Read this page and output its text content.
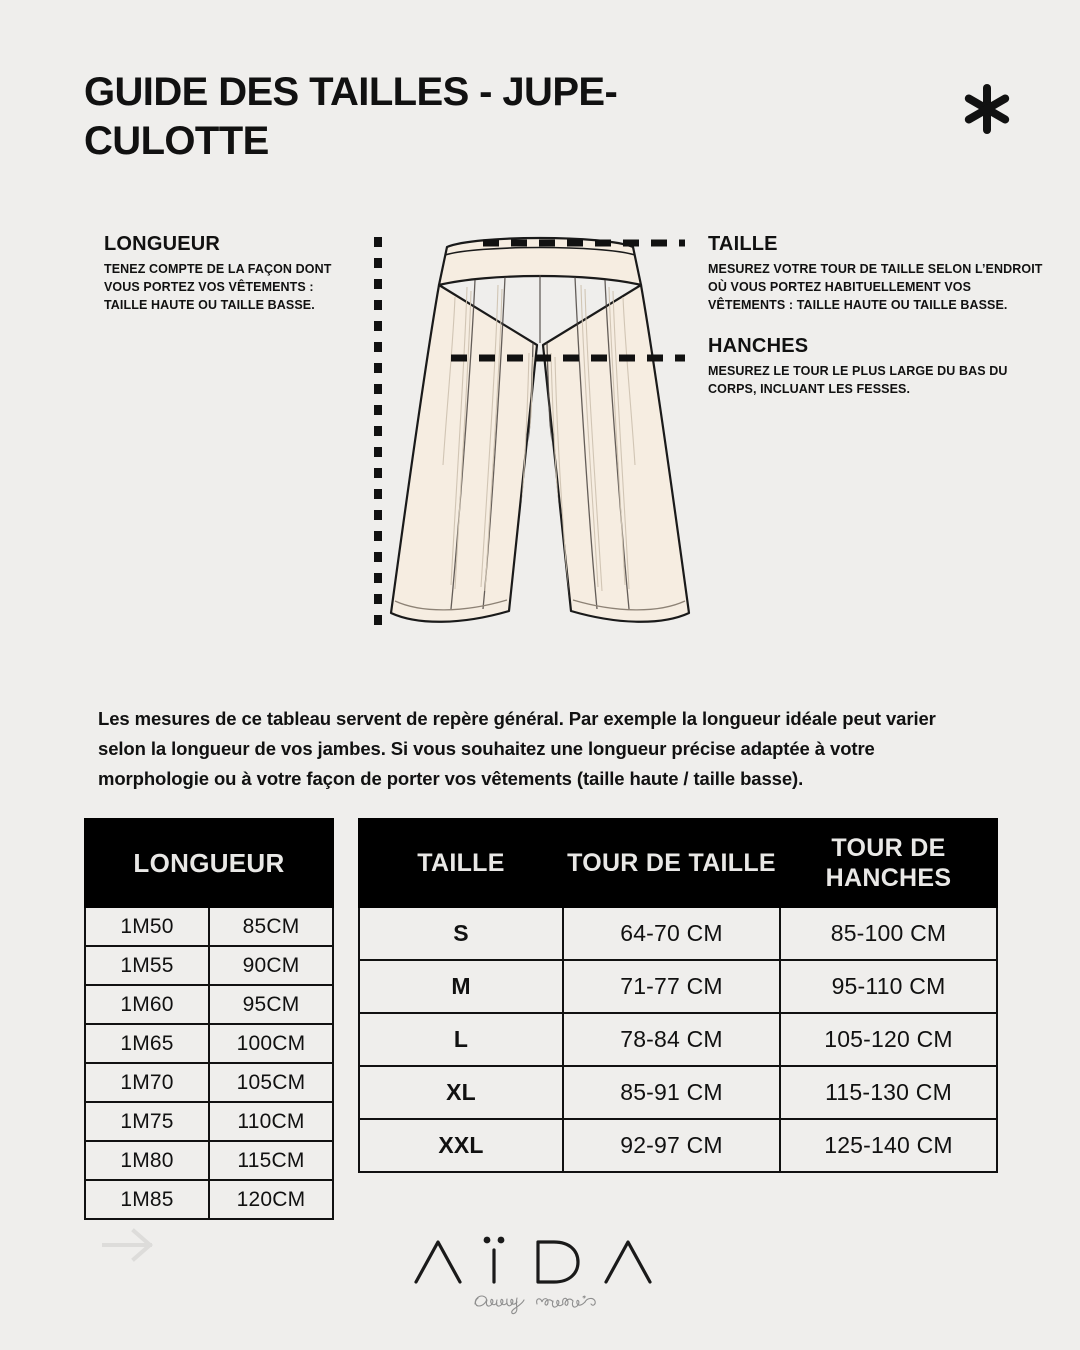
GUIDE DES TAILLES - JUPE-CULOTTE
LONGUEUR
TENEZ COMPTE DE LA FAÇON DONT VOUS PORTEZ VOS VÊTEMENTS : TAILLE HAUTE OU TAILLE BASSE.
TAILLE
MESUREZ VOTRE TOUR DE TAILLE SELON L’ENDROIT OÙ VOUS PORTEZ HABITUELLEMENT VOS VÊTEMENTS : TAILLE HAUTE OU TAILLE BASSE.
HANCHES
MESUREZ LE TOUR LE PLUS LARGE DU BAS DU CORPS, INCLUANT LES FESSES.

Les mesures de ce tableau servent de repère général. Par exemple la longueur idéale peut varier selon la longueur de vos jambes. Si vous souhaitez une longueur précise adaptée à votre morphologie ou à votre façon de porter vos vêtements (taille haute / taille basse).

LONGUEUR	
1M50	85CM
1M55	90CM
1M60	95CM
1M65	100CM
1M70	105CM
1M75	110CM
1M80	115CM
1M85	120CM
TAILLE	TOUR DE TAILLE	TOUR DE HANCHES
S	64-70 CM	85-100 CM
M	71-77 CM	95-110 CM
L	78-84 CM	105-120 CM
XL	85-91 CM	115-130 CM
XXL	92-97 CM	125-140 CM
